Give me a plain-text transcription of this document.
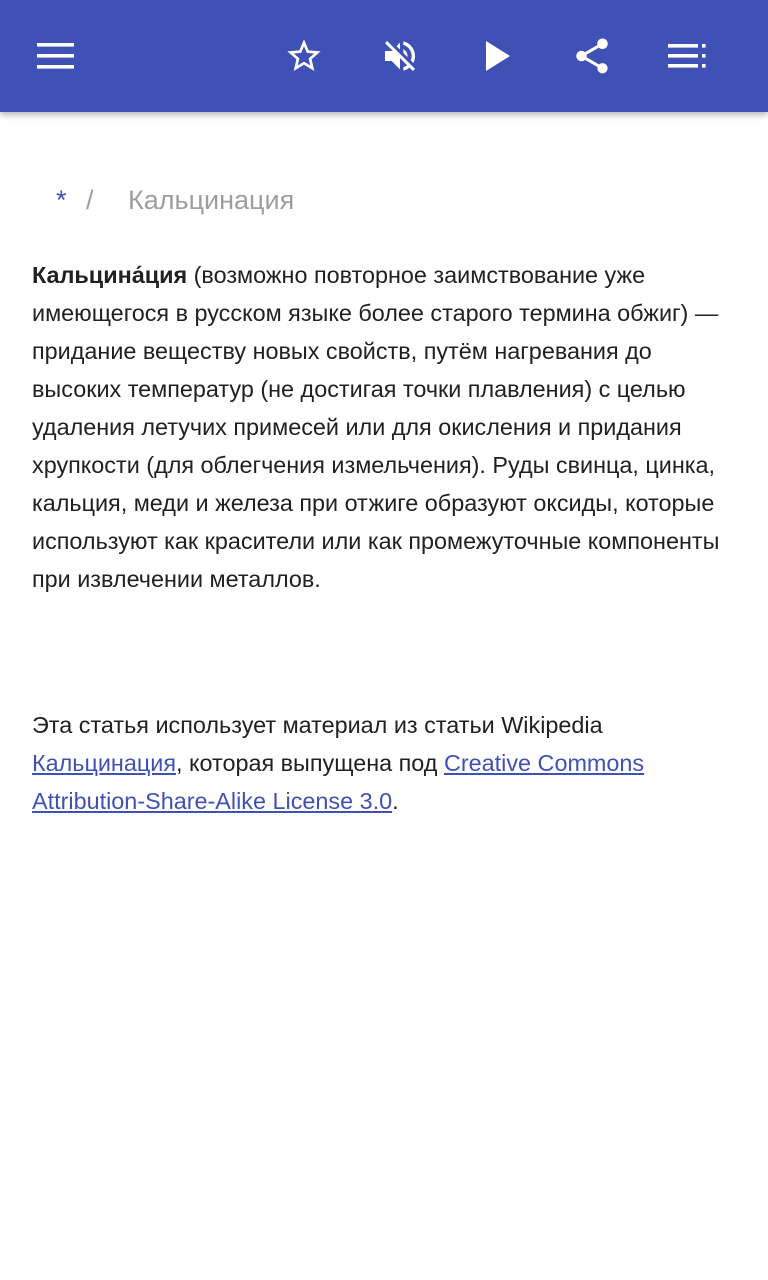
* /	Кальцинация

Кальцина́ция (возможно повторное заимствование уже имеющегося в русском языке более старого термина обжиг) — придание веществу новых свойств, путём нагревания до высоких температур (не достигая точки плавления) с целью удаления летучих примесей или для окисления и придания хрупкости (для облегчения измельчения). Руды свинца, цинка, кальция, меди и железа при отжиге образуют оксиды, которые используют как красители или как промежуточные компоненты при извлечении металлов.

Эта статья использует материал из статьи Wikipedia Кальцинация, которая выпущена под Creative Commons Attribution-Share-Alike License 3.0.
